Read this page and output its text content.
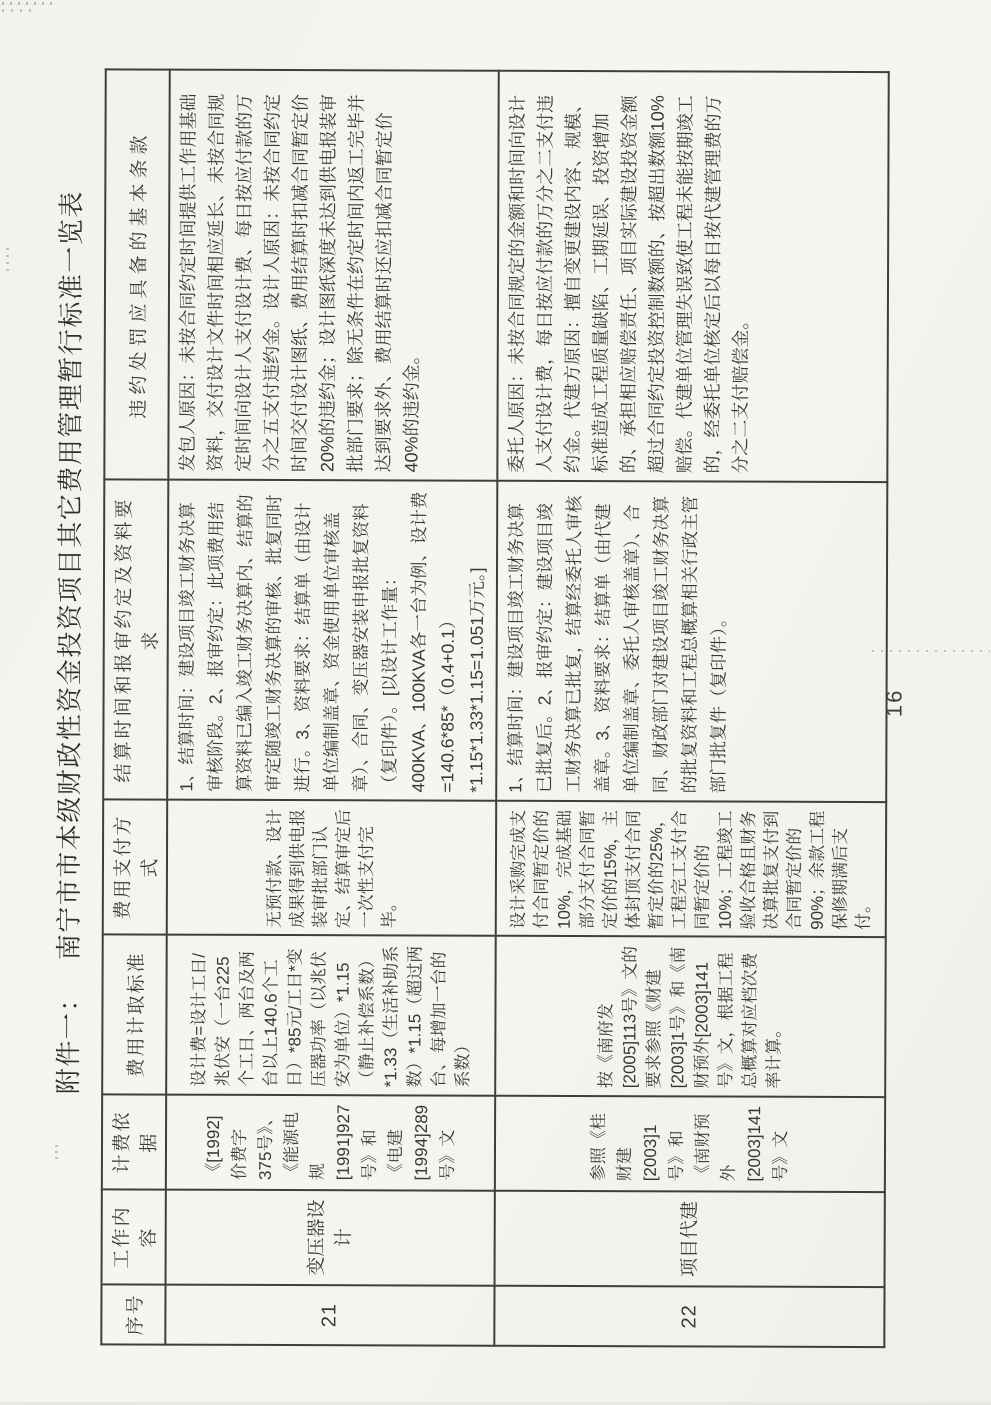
附件一：南宁市市本级财政性资金投资项目其它费用管理暂行标准一览表
序号	工作内容	计费依据	费用计取标准	费用支付方式	结算时间和报审约定及资料要求	违约处罚应具备的基本条款
21	变压器设计	《[1992]价费字375号》、《能源电规[1991]927号》和《电建[1994]289号》文	设计费=设计工日/兆伏安（一台225个工日、两台及两台以上140.6个工日）*85元/工日*变压器功率（以兆伏安为单位）*1.15（静止补偿系数）*1.33（生活补助系数）*1.15（超过两台、每增加一台的系数）	无预付款、设计成果得到供电报装审批部门认定、结算审定后一次性支付完毕。	1、结算时间：建设项目竣工财务决算审核阶段。2、报审约定：此项费用结算资料已编入竣工财务决算内、结算的审定随竣工财务决算的审核、批复同时进行。3、资料要求：结算单（由设计单位编制盖章、资金使用单位审核盖章）、合同、变压器安装申报批复资料（复印件）。[以设计工作量：400KVA、100KVA各一台为例、设计费=140.6*85*（0.4+0.1）*1.15*1.33*1.15=1.051万元。]	发包人原因：未按合同约定时间提供工作用基础资料，交付设计文件时间相应延长、未按合同规定时间向设计人支付设计费、每日按应付款的万分之五支付违约金。设计人原因：未按合同约定时间交付设计图纸、费用结算时扣减合同暂定价20%的违约金；设计图纸深度未达到供电报装审批部门要求；除无条件在约定时间内返工完毕并达到要求外、费用结算时还应扣减合同暂定价40%的违约金。
22	项目代建	参照《桂财建[2003]1号》和《南财预外[2003]141号》文	按《南府发[2005]113号》文的要求参照《财建[2003]1号》和《南财预外[2003]141号》文，根据工程总概算对应档次费率计算。	设计采购完成支付合同暂定价的10%，完成基础部分支付合同暂定价的15%，主体封顶支付合同暂定价的25%，工程完工支付合同暂定价的10%；工程竣工验收合格且财务决算批复支付到合同暂定价的90%；余款工程保修期满后支付。	1、结算时间：建设项目竣工财务决算已批复后。2、报审约定：建设项目竣工财务决算已批复，结算经委托人审核盖章。3、资料要求：结算单（由代建单位编制盖章、委托人审核盖章）、合同、财政部门对建设项目竣工财务决算的批复资料和工程总概算相关行政主管部门批复件（复印件）。	委托人原因：未按合同规定的金额和时间向设计人支付设计费，每日按应付款的万分之二支付违约金。代建方原因：擅自变更建设内容、规模、标准造成工程质量缺陷、工期延误、投资增加的、承担相应赔偿责任、项目实际建设投资金额超过合同约定投资控制数额的、按超出数额10%赔偿。代建单位管理失误致使工程未能按期竣工的，经委托单位核定后以每日按代建管理费的万分之二支付赔偿金。
16
